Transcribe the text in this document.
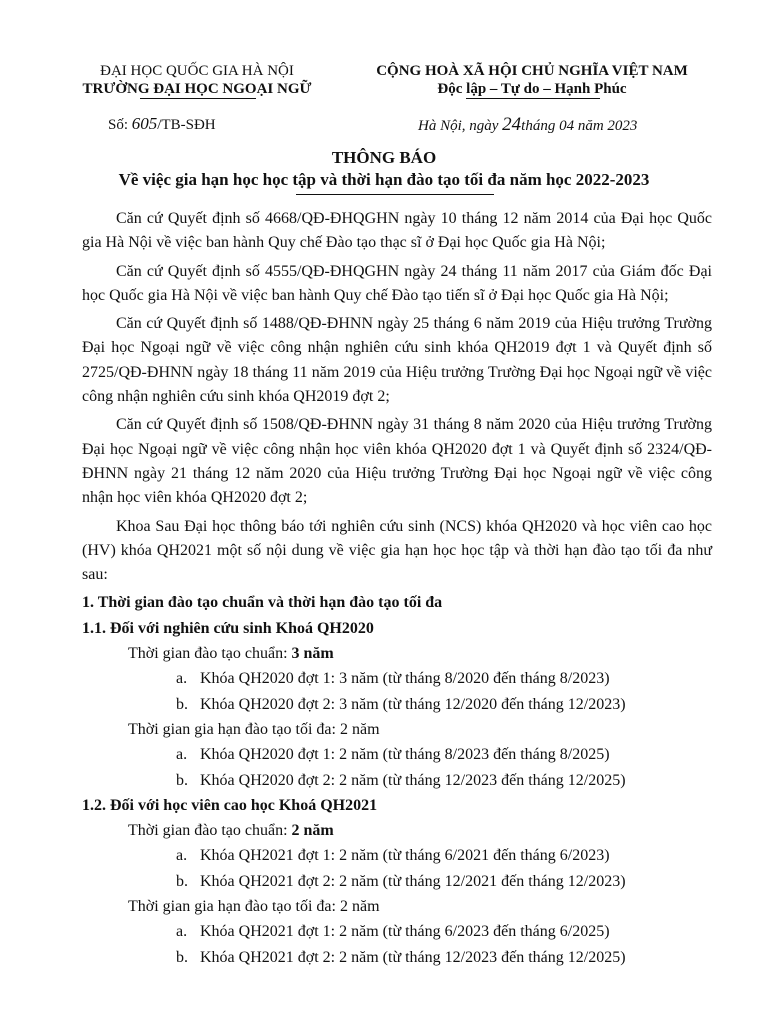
ĐẠI HỌC QUỐC GIA HÀ NỘI
TRƯỜNG ĐẠI HỌC NGOẠI NGỮ
CỘNG HOÀ XÃ HỘI CHỦ NGHĨA VIỆT NAM
Độc lập – Tự do – Hạnh Phúc
Số: 605/TB-SĐH	Hà Nội, ngày 24tháng 04 năm 2023
THÔNG BÁO
Về việc gia hạn học học tập và thời hạn đào tạo tối đa năm học 2022-2023

Căn cứ Quyết định số 4668/QĐ-ĐHQGHN ngày 10 tháng 12 năm 2014 của Đại học Quốc gia Hà Nội về việc ban hành Quy chế Đào tạo thạc sĩ ở Đại học Quốc gia Hà Nội;

Căn cứ Quyết định số 4555/QĐ-ĐHQGHN ngày 24 tháng 11 năm 2017 của Giám đốc Đại học Quốc gia Hà Nội về việc ban hành Quy chế Đào tạo tiến sĩ ở Đại học Quốc gia Hà Nội;

Căn cứ Quyết định số 1488/QĐ-ĐHNN ngày 25 tháng 6 năm 2019 của Hiệu trưởng Trường Đại học Ngoại ngữ về việc công nhận nghiên cứu sinh khóa QH2019 đợt 1 và Quyết định số 2725/QĐ-ĐHNN ngày 18 tháng 11 năm 2019 của Hiệu trưởng Trường Đại học Ngoại ngữ về việc công nhận nghiên cứu sinh khóa QH2019 đợt 2;

Căn cứ Quyết định số 1508/QĐ-ĐHNN ngày 31 tháng 8 năm 2020 của Hiệu trưởng Trường Đại học Ngoại ngữ về việc công nhận học viên khóa QH2020 đợt 1 và Quyết định số 2324/QĐ-ĐHNN ngày 21 tháng 12 năm 2020 của Hiệu trưởng Trường Đại học Ngoại ngữ về việc công nhận học viên khóa QH2020 đợt 2;

Khoa Sau Đại học thông báo tới nghiên cứu sinh (NCS) khóa QH2020 và học viên cao học (HV) khóa QH2021 một số nội dung về việc gia hạn học học tập và thời hạn đào tạo tối đa như sau:

1. Thời gian đào tạo chuẩn và thời hạn đào tạo tối đa
1.1. Đối với nghiên cứu sinh Khoá QH2020
Thời gian đào tạo chuẩn: 3 năm
a. Khóa QH2020 đợt 1: 3 năm (từ tháng 8/2020 đến tháng 8/2023)
b. Khóa QH2020 đợt 2: 3 năm (từ tháng 12/2020 đến tháng 12/2023)
Thời gian gia hạn đào tạo tối đa: 2 năm
a. Khóa QH2020 đợt 1: 2 năm (từ tháng 8/2023 đến tháng 8/2025)
b. Khóa QH2020 đợt 2: 2 năm (từ tháng 12/2023 đến tháng 12/2025)
1.2. Đối với học viên cao học Khoá QH2021
Thời gian đào tạo chuẩn: 2 năm
a. Khóa QH2021 đợt 1: 2 năm (từ tháng 6/2021 đến tháng 6/2023)
b. Khóa QH2021 đợt 2: 2 năm (từ tháng 12/2021 đến tháng 12/2023)
Thời gian gia hạn đào tạo tối đa: 2 năm
a. Khóa QH2021 đợt 1: 2 năm (từ tháng 6/2023 đến tháng 6/2025)
b. Khóa QH2021 đợt 2: 2 năm (từ tháng 12/2023 đến tháng 12/2025)
